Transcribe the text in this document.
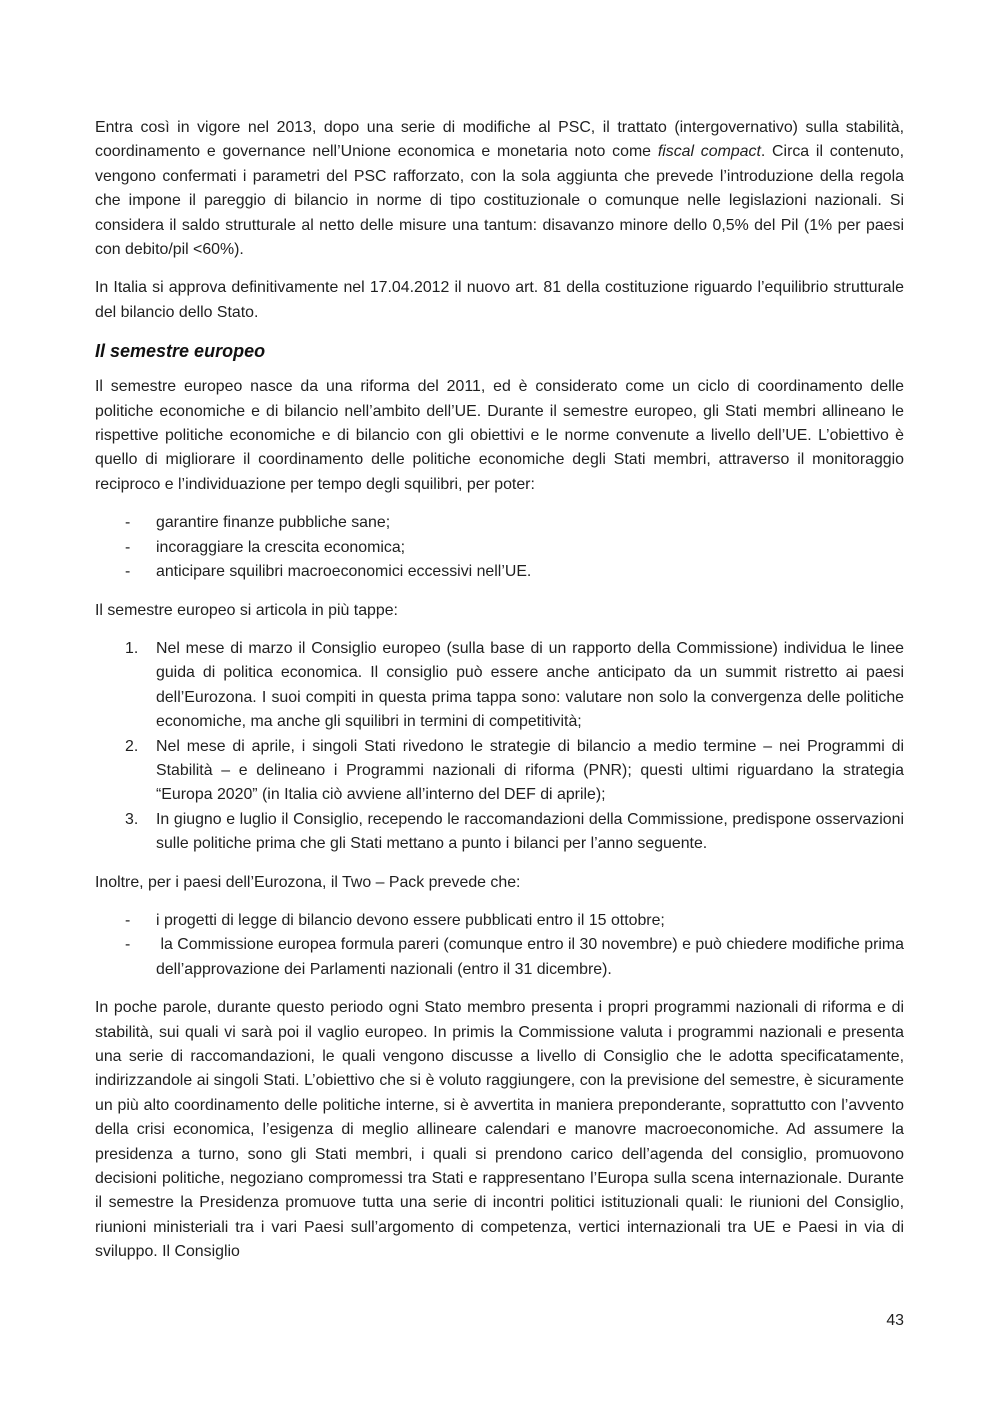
Entra così in vigore nel 2013, dopo una serie di modifiche al PSC, il trattato (intergovernativo) sulla stabilità, coordinamento e governance nell’Unione economica e monetaria noto come fiscal compact. Circa il contenuto, vengono confermati i parametri del PSC rafforzato, con la sola aggiunta che prevede l’introduzione della regola che impone il pareggio di bilancio in norme di tipo costituzionale o comunque nelle legislazioni nazionali. Si considera il saldo strutturale al netto delle misure una tantum: disavanzo minore dello 0,5% del Pil (1% per paesi con debito/pil <60%).

In Italia si approva definitivamente nel 17.04.2012 il nuovo art. 81 della costituzione riguardo l’equilibrio strutturale del bilancio dello Stato.

Il semestre europeo

Il semestre europeo nasce da una riforma del 2011, ed è considerato come un ciclo di coordinamento delle politiche economiche e di bilancio nell’ambito dell’UE. Durante il semestre europeo, gli Stati membri allineano le rispettive politiche economiche e di bilancio con gli obiettivi e le norme convenute a livello dell’UE. L’obiettivo è quello di migliorare il coordinamento delle politiche economiche degli Stati membri, attraverso il monitoraggio reciproco e l’individuazione per tempo degli squilibri, per poter:

- garantire finanze pubbliche sane;
- incoraggiare la crescita economica;
- anticipare squilibri macroeconomici eccessivi nell’UE.

Il semestre europeo si articola in più tappe:

1. Nel mese di marzo il Consiglio europeo (sulla base di un rapporto della Commissione) individua le linee guida di politica economica. Il consiglio può essere anche anticipato da un summit ristretto ai paesi dell’Eurozona. I suoi compiti in questa prima tappa sono: valutare non solo la convergenza delle politiche economiche, ma anche gli squilibri in termini di competitività;
2. Nel mese di aprile, i singoli Stati rivedono le strategie di bilancio a medio termine – nei Programmi di Stabilità – e delineano i Programmi nazionali di riforma (PNR); questi ultimi riguardano la strategia “Europa 2020” (in Italia ciò avviene all’interno del DEF di aprile);
3. In giugno e luglio il Consiglio, recependo le raccomandazioni della Commissione, predispone osservazioni sulle politiche prima che gli Stati mettano a punto i bilanci per l’anno seguente.

Inoltre, per i paesi dell’Eurozona, il Two – Pack prevede che:

- i progetti di legge di bilancio devono essere pubblicati entro il 15 ottobre;
- la Commissione europea formula pareri (comunque entro il 30 novembre) e può chiedere modifiche prima dell’approvazione dei Parlamenti nazionali (entro il 31 dicembre).

In poche parole, durante questo periodo ogni Stato membro presenta i propri programmi nazionali di riforma e di stabilità, sui quali vi sarà poi il vaglio europeo. In primis la Commissione valuta i programmi nazionali e presenta una serie di raccomandazioni, le quali vengono discusse a livello di Consiglio che le adotta specificatamente, indirizzandole ai singoli Stati. L’obiettivo che si è voluto raggiungere, con la previsione del semestre, è sicuramente un più alto coordinamento delle politiche interne, si è avvertita in maniera preponderante, soprattutto con l’avvento della crisi economica, l’esigenza di meglio allineare calendari e manovre macroeconomiche. Ad assumere la presidenza a turno, sono gli Stati membri, i quali si prendono carico dell’agenda del consiglio, promuovono decisioni politiche, negoziano compromessi tra Stati e rappresentano l’Europa sulla scena internazionale. Durante il semestre la Presidenza promuove tutta una serie di incontri politici istituzionali quali: le riunioni del Consiglio, riunioni ministeriali tra i vari Paesi sull’argomento di competenza, vertici internazionali tra UE e Paesi in via di sviluppo. Il Consiglio

43
